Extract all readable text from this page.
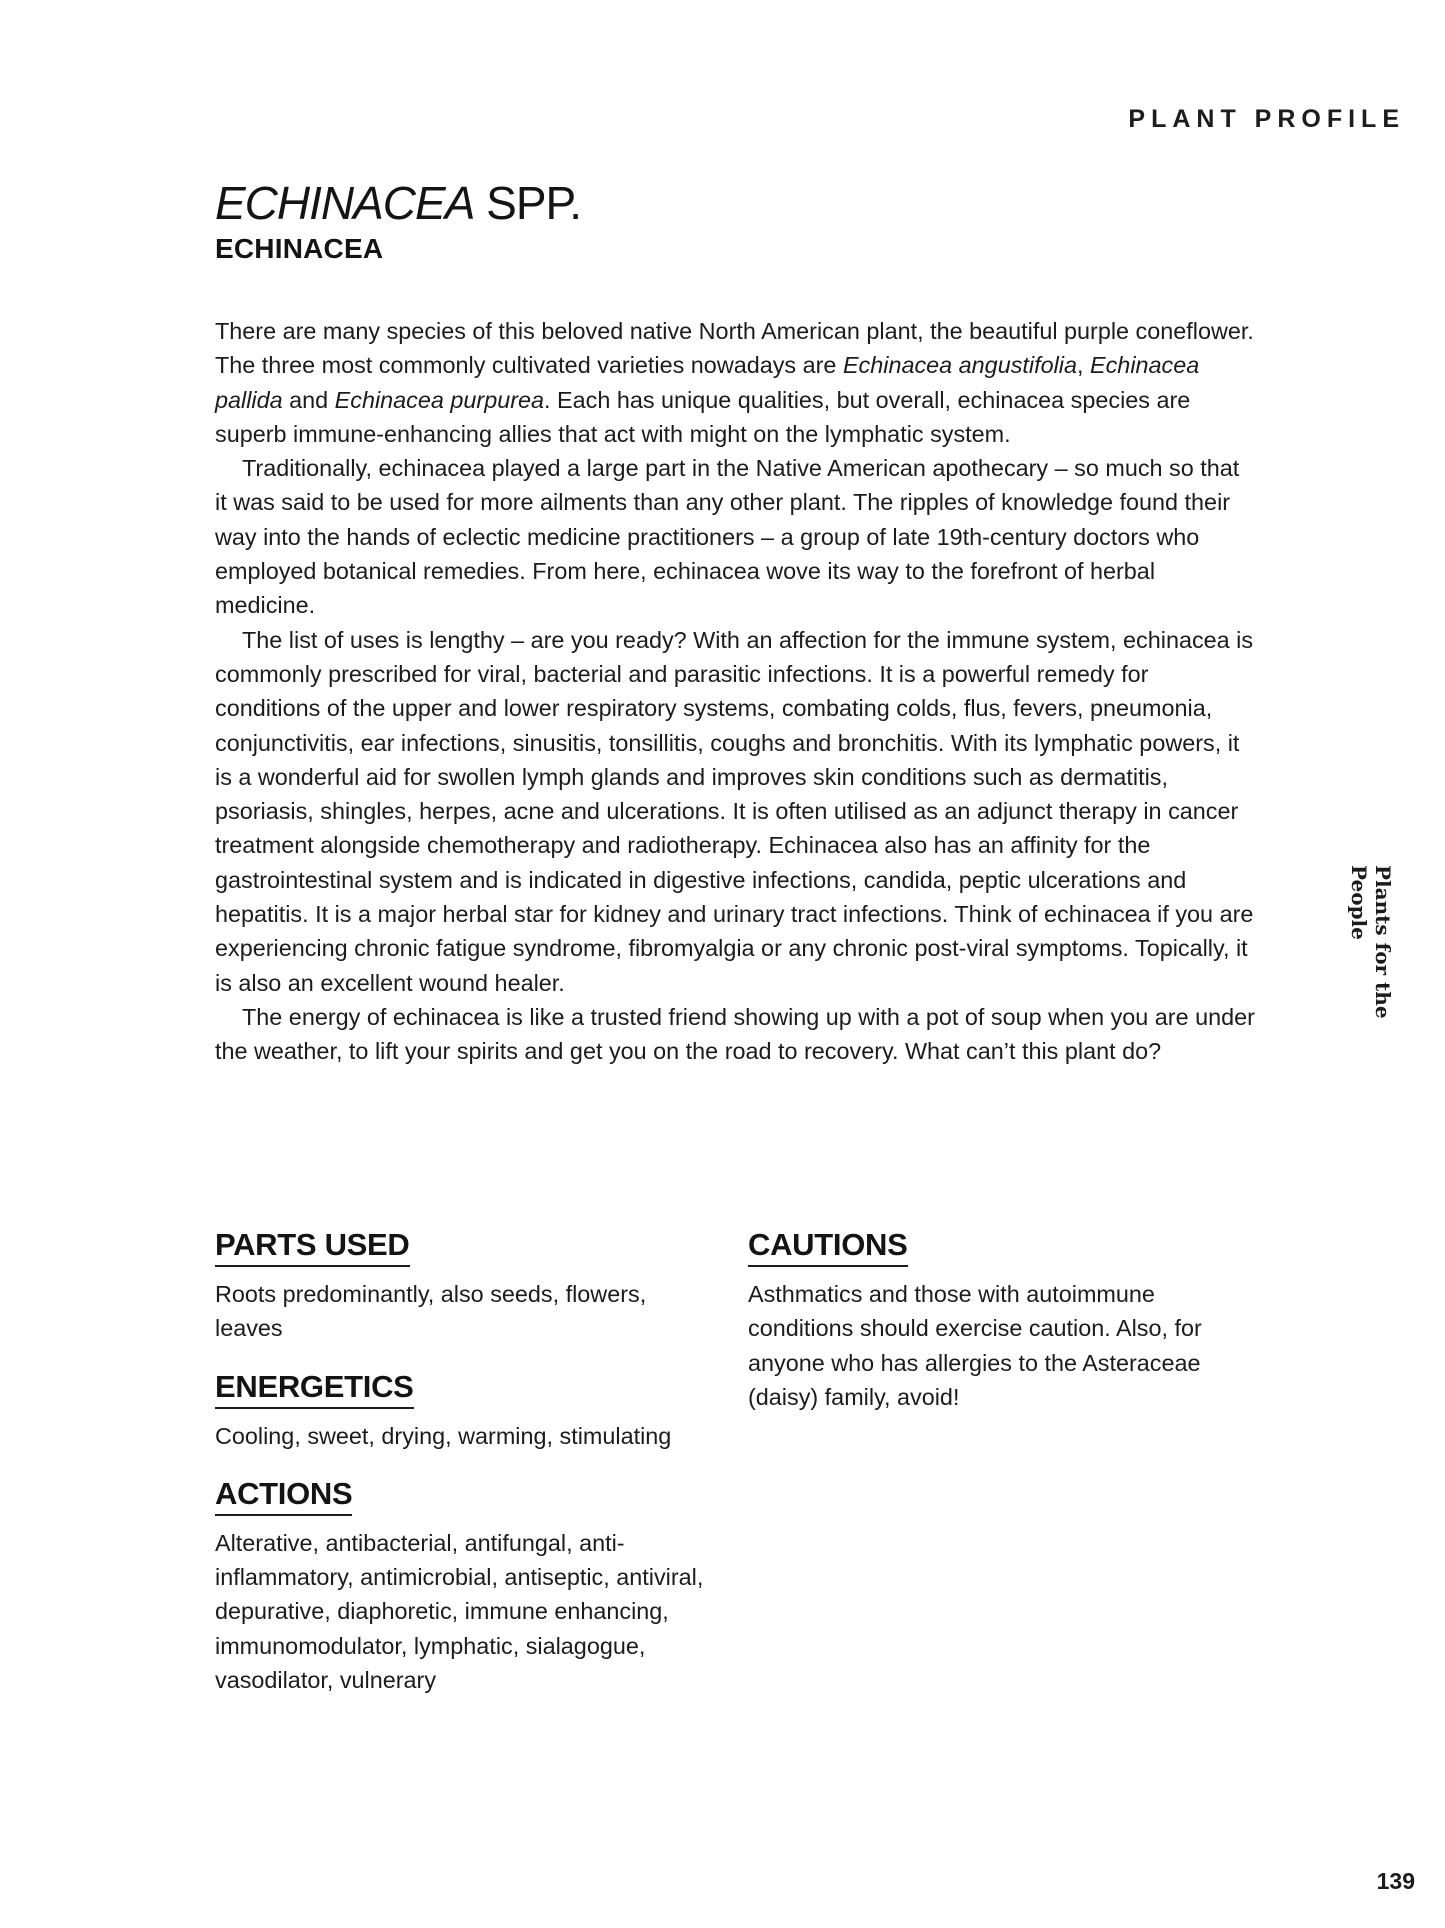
PLANT PROFILE
ECHINACEA SPP.
ECHINACEA

There are many species of this beloved native North American plant, the beautiful purple coneflower. The three most commonly cultivated varieties nowadays are Echinacea angustifolia, Echinacea pallida and Echinacea purpurea. Each has unique qualities, but overall, echinacea species are superb immune-enhancing allies that act with might on the lymphatic system.

Traditionally, echinacea played a large part in the Native American apothecary – so much so that it was said to be used for more ailments than any other plant. The ripples of knowledge found their way into the hands of eclectic medicine practitioners – a group of late 19th-century doctors who employed botanical remedies. From here, echinacea wove its way to the forefront of herbal medicine.

The list of uses is lengthy – are you ready? With an affection for the immune system, echinacea is commonly prescribed for viral, bacterial and parasitic infections. It is a powerful remedy for conditions of the upper and lower respiratory systems, combating colds, flus, fevers, pneumonia, conjunctivitis, ear infections, sinusitis, tonsillitis, coughs and bronchitis. With its lymphatic powers, it is a wonderful aid for swollen lymph glands and improves skin conditions such as dermatitis, psoriasis, shingles, herpes, acne and ulcerations. It is often utilised as an adjunct therapy in cancer treatment alongside chemotherapy and radiotherapy. Echinacea also has an affinity for the gastrointestinal system and is indicated in digestive infections, candida, peptic ulcerations and hepatitis. It is a major herbal star for kidney and urinary tract infections. Think of echinacea if you are experiencing chronic fatigue syndrome, fibromyalgia or any chronic post-viral symptoms. Topically, it is also an excellent wound healer.

The energy of echinacea is like a trusted friend showing up with a pot of soup when you are under the weather, to lift your spirits and get you on the road to recovery. What can’t this plant do?

PARTS USED
Roots predominantly, also seeds, flowers, leaves
ENERGETICS
Cooling, sweet, drying, warming, stimulating
ACTIONS
Alterative, antibacterial, antifungal, anti-inflammatory, antimicrobial, antiseptic, antiviral, depurative, diaphoretic, immune enhancing, immunomodulator, lymphatic, sialagogue, vasodilator, vulnerary
CAUTIONS
Asthmatics and those with autoimmune conditions should exercise caution. Also, for anyone who has allergies to the Asteraceae (daisy) family, avoid!
Plants for the People
139
